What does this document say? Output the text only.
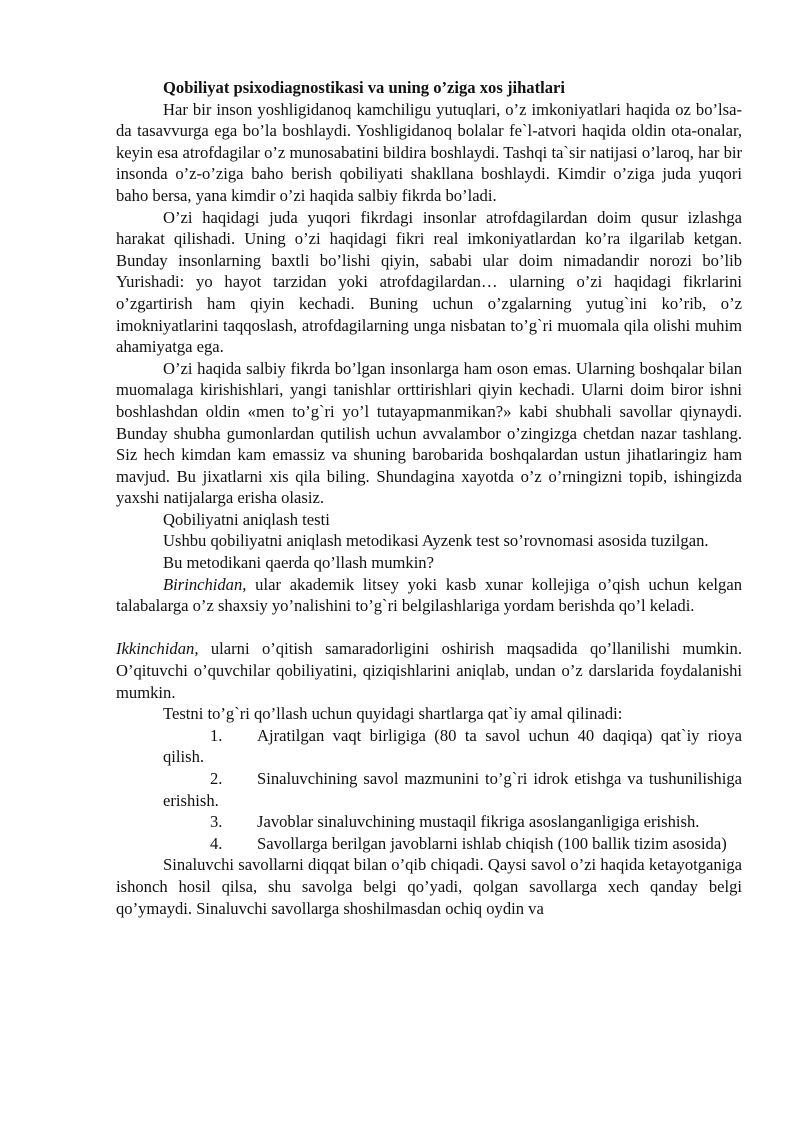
Qobiliyat psixodiagnostikasi va uning o’ziga xos jihatlari

Har bir inson yoshligidanoq kamchiligu yutuqlari, o’z imkoniyatlari haqida oz bo’lsa-da tasavvurga ega bo’la boshlaydi. Yoshligidanoq bolalar fe`l-atvori haqida oldin ota-onalar, keyin esa atrofdagilar o’z munosabatini bildira boshlaydi. Tashqi ta`sir natijasi o’laroq, har bir insonda o’z-o’ziga baho berish qobiliyati shakllana boshlaydi. Kimdir o’ziga juda yuqori baho bersa, yana kimdir o’zi haqida salbiy fikrda bo’ladi.

O’zi haqidagi juda yuqori fikrdagi insonlar atrofdagilardan doim qusur izlashga harakat qilishadi. Uning o’zi haqidagi fikri real imkoniyatlardan ko’ra ilgarilab ketgan. Bunday insonlarning baxtli bo’lishi qiyin, sababi ular doim nimadandir norozi bo’lib Yurishadi: yo hayot tarzidan yoki atrofdagilardan… ularning o’zi haqidagi fikrlarini o’zgartirish ham qiyin kechadi. Buning uchun o’zgalarning yutug`ini ko’rib, o’z imokniyatlarini taqqoslash, atrofdagilarning unga nisbatan to’g`ri muomala qila olishi muhim ahamiyatga ega.

O’zi haqida salbiy fikrda bo’lgan insonlarga ham oson emas. Ularning boshqalar bilan muomalaga kirishishlari, yangi tanishlar orttirishlari qiyin kechadi. Ularni doim biror ishni boshlashdan oldin «men to’g`ri yo’l tutayapmanmikan?» kabi shubhali savollar qiynaydi. Bunday shubha gumonlardan qutilish uchun avvalambor o’zingizga chetdan nazar tashlang. Siz hech kimdan kam emassiz va shuning barobarida boshqalardan ustun jihatlaringiz ham mavjud. Bu jixatlarni xis qila biling. Shundagina xayotda o’z o’rningizni topib, ishingizda yaxshi natijalarga erisha olasiz.

Qobiliyatni aniqlash testi

Ushbu qobiliyatni aniqlash metodikasi Ayzenk test so’rovnomasi asosida tuzilgan.

Bu metodikani qaerda qo’llash mumkin?

Birinchidan, ular akademik litsey yoki kasb xunar kollejiga o’qish uchun kelgan talabalarga o’z shaxsiy yo’nalishini to’g`ri belgilashlariga yordam berishda qo’l keladi.

Ikkinchidan, ularni o’qitish samaradorligini oshirish maqsadida qo’llanilishi mumkin. O’qituvchi o’quvchilar qobiliyatini, qiziqishlarini aniqlab, undan o’z darslarida foydalanishi mumkin.

Testni to’g`ri qo’llash uchun quyidagi shartlarga qat`iy amal qilinadi:

1. Ajratilgan vaqt birligiga (80 ta savol uchun 40 daqiqa) qat`iy rioya qilish.

2. Sinaluvchining savol mazmunini to’g`ri idrok etishga va tushunilishiga erishish.

3. Javoblar sinaluvchining mustaqil fikriga asoslanganligiga erishish.

4. Savollarga berilgan javoblarni ishlab chiqish (100 ballik tizim asosida)

Sinaluvchi savollarni diqqat bilan o’qib chiqadi. Qaysi savol o’zi haqida ketayotganiga ishonch hosil qilsa, shu savolga belgi qo’yadi, qolgan savollarga xech qanday belgi qo’ymaydi. Sinaluvchi savollarga shoshilmasdan ochiq oydin va
